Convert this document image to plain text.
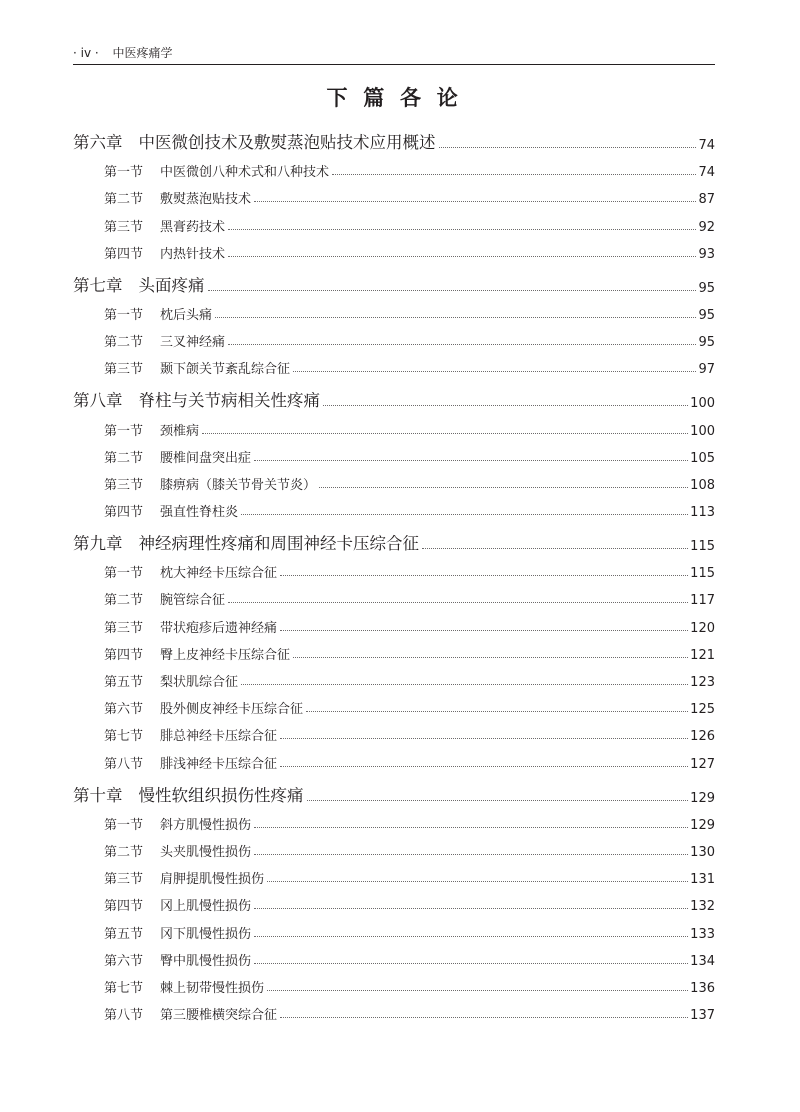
· iv · 中医疼痛学
下篇各论
第六章 中医微创技术及敷熨蒸泡贴技术应用概述	74
第一节 中医微创八种术式和八种技术	74
第二节 敷熨蒸泡贴技术	87
第三节 黑膏药技术	92
第四节 内热针技术	93
第七章 头面疼痛	95
第一节 枕后头痛	95
第二节 三叉神经痛	95
第三节 颞下颌关节紊乱综合征	97
第八章 脊柱与关节病相关性疼痛	100
第一节 颈椎病	100
第二节 腰椎间盘突出症	105
第三节 膝痹病（膝关节骨关节炎）	108
第四节 强直性脊柱炎	113
第九章 神经病理性疼痛和周围神经卡压综合征	115
第一节 枕大神经卡压综合征	115
第二节 腕管综合征	117
第三节 带状疱疹后遗神经痛	120
第四节 臀上皮神经卡压综合征	121
第五节 梨状肌综合征	123
第六节 股外侧皮神经卡压综合征	125
第七节 腓总神经卡压综合征	126
第八节 腓浅神经卡压综合征	127
第十章 慢性软组织损伤性疼痛	129
第一节 斜方肌慢性损伤	129
第二节 头夹肌慢性损伤	130
第三节 肩胛提肌慢性损伤	131
第四节 冈上肌慢性损伤	132
第五节 冈下肌慢性损伤	133
第六节 臀中肌慢性损伤	134
第七节 棘上韧带慢性损伤	136
第八节 第三腰椎横突综合征	137
